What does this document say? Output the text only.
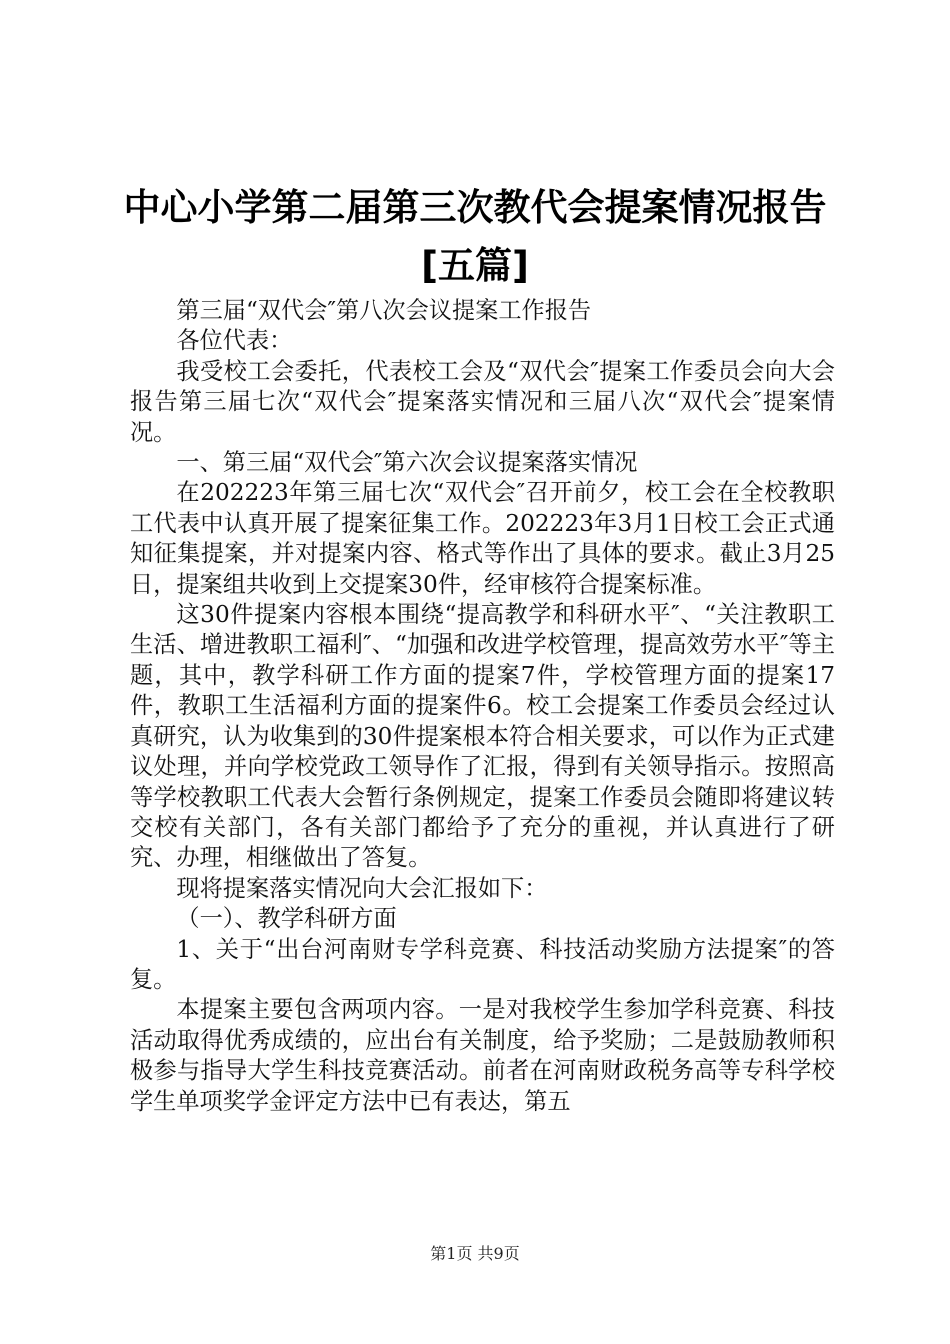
中心小学第二届第三次教代会提案情况报告
[五篇]

第三届“双代会″第八次会议提案工作报告

各位代表：

我受校工会委托，代表校工会及“双代会″提案工作委员会向大会报告第三届七次“双代会″提案落实情况和三届八次“双代会″提案情况。

一、第三届“双代会″第六次会议提案落实情况

在202223年第三届七次“双代会″召开前夕，校工会在全校教职工代表中认真开展了提案征集工作。202223年3月1日校工会正式通知征集提案，并对提案内容、格式等作出了具体的要求。截止3月25日，提案组共收到上交提案30件，经审核符合提案标准。

这30件提案内容根本围绕“提高教学和科研水平″、“关注教职工生活、增进教职工福利″、“加强和改进学校管理，提高效劳水平″等主题，其中，教学科研工作方面的提案7件，学校管理方面的提案17件，教职工生活福利方面的提案件6。校工会提案工作委员会经过认真研究，认为收集到的30件提案根本符合相关要求，可以作为正式建议处理，并向学校党政工领导作了汇报，得到有关领导指示。按照高等学校教职工代表大会暂行条例规定，提案工作委员会随即将建议转交校有关部门，各有关部门都给予了充分的重视，并认真进行了研究、办理，相继做出了答复。

现将提案落实情况向大会汇报如下：

（一）、教学科研方面

1、关于“出台河南财专学科竞赛、科技活动奖励方法提案″的答复。

本提案主要包含两项内容。一是对我校学生参加学科竞赛、科技活动取得优秀成绩的，应出台有关制度，给予奖励；二是鼓励教师积极参与指导大学生科技竞赛活动。前者在河南财政税务高等专科学校学生单项奖学金评定方法中已有表达，第五

第1页 共9页
